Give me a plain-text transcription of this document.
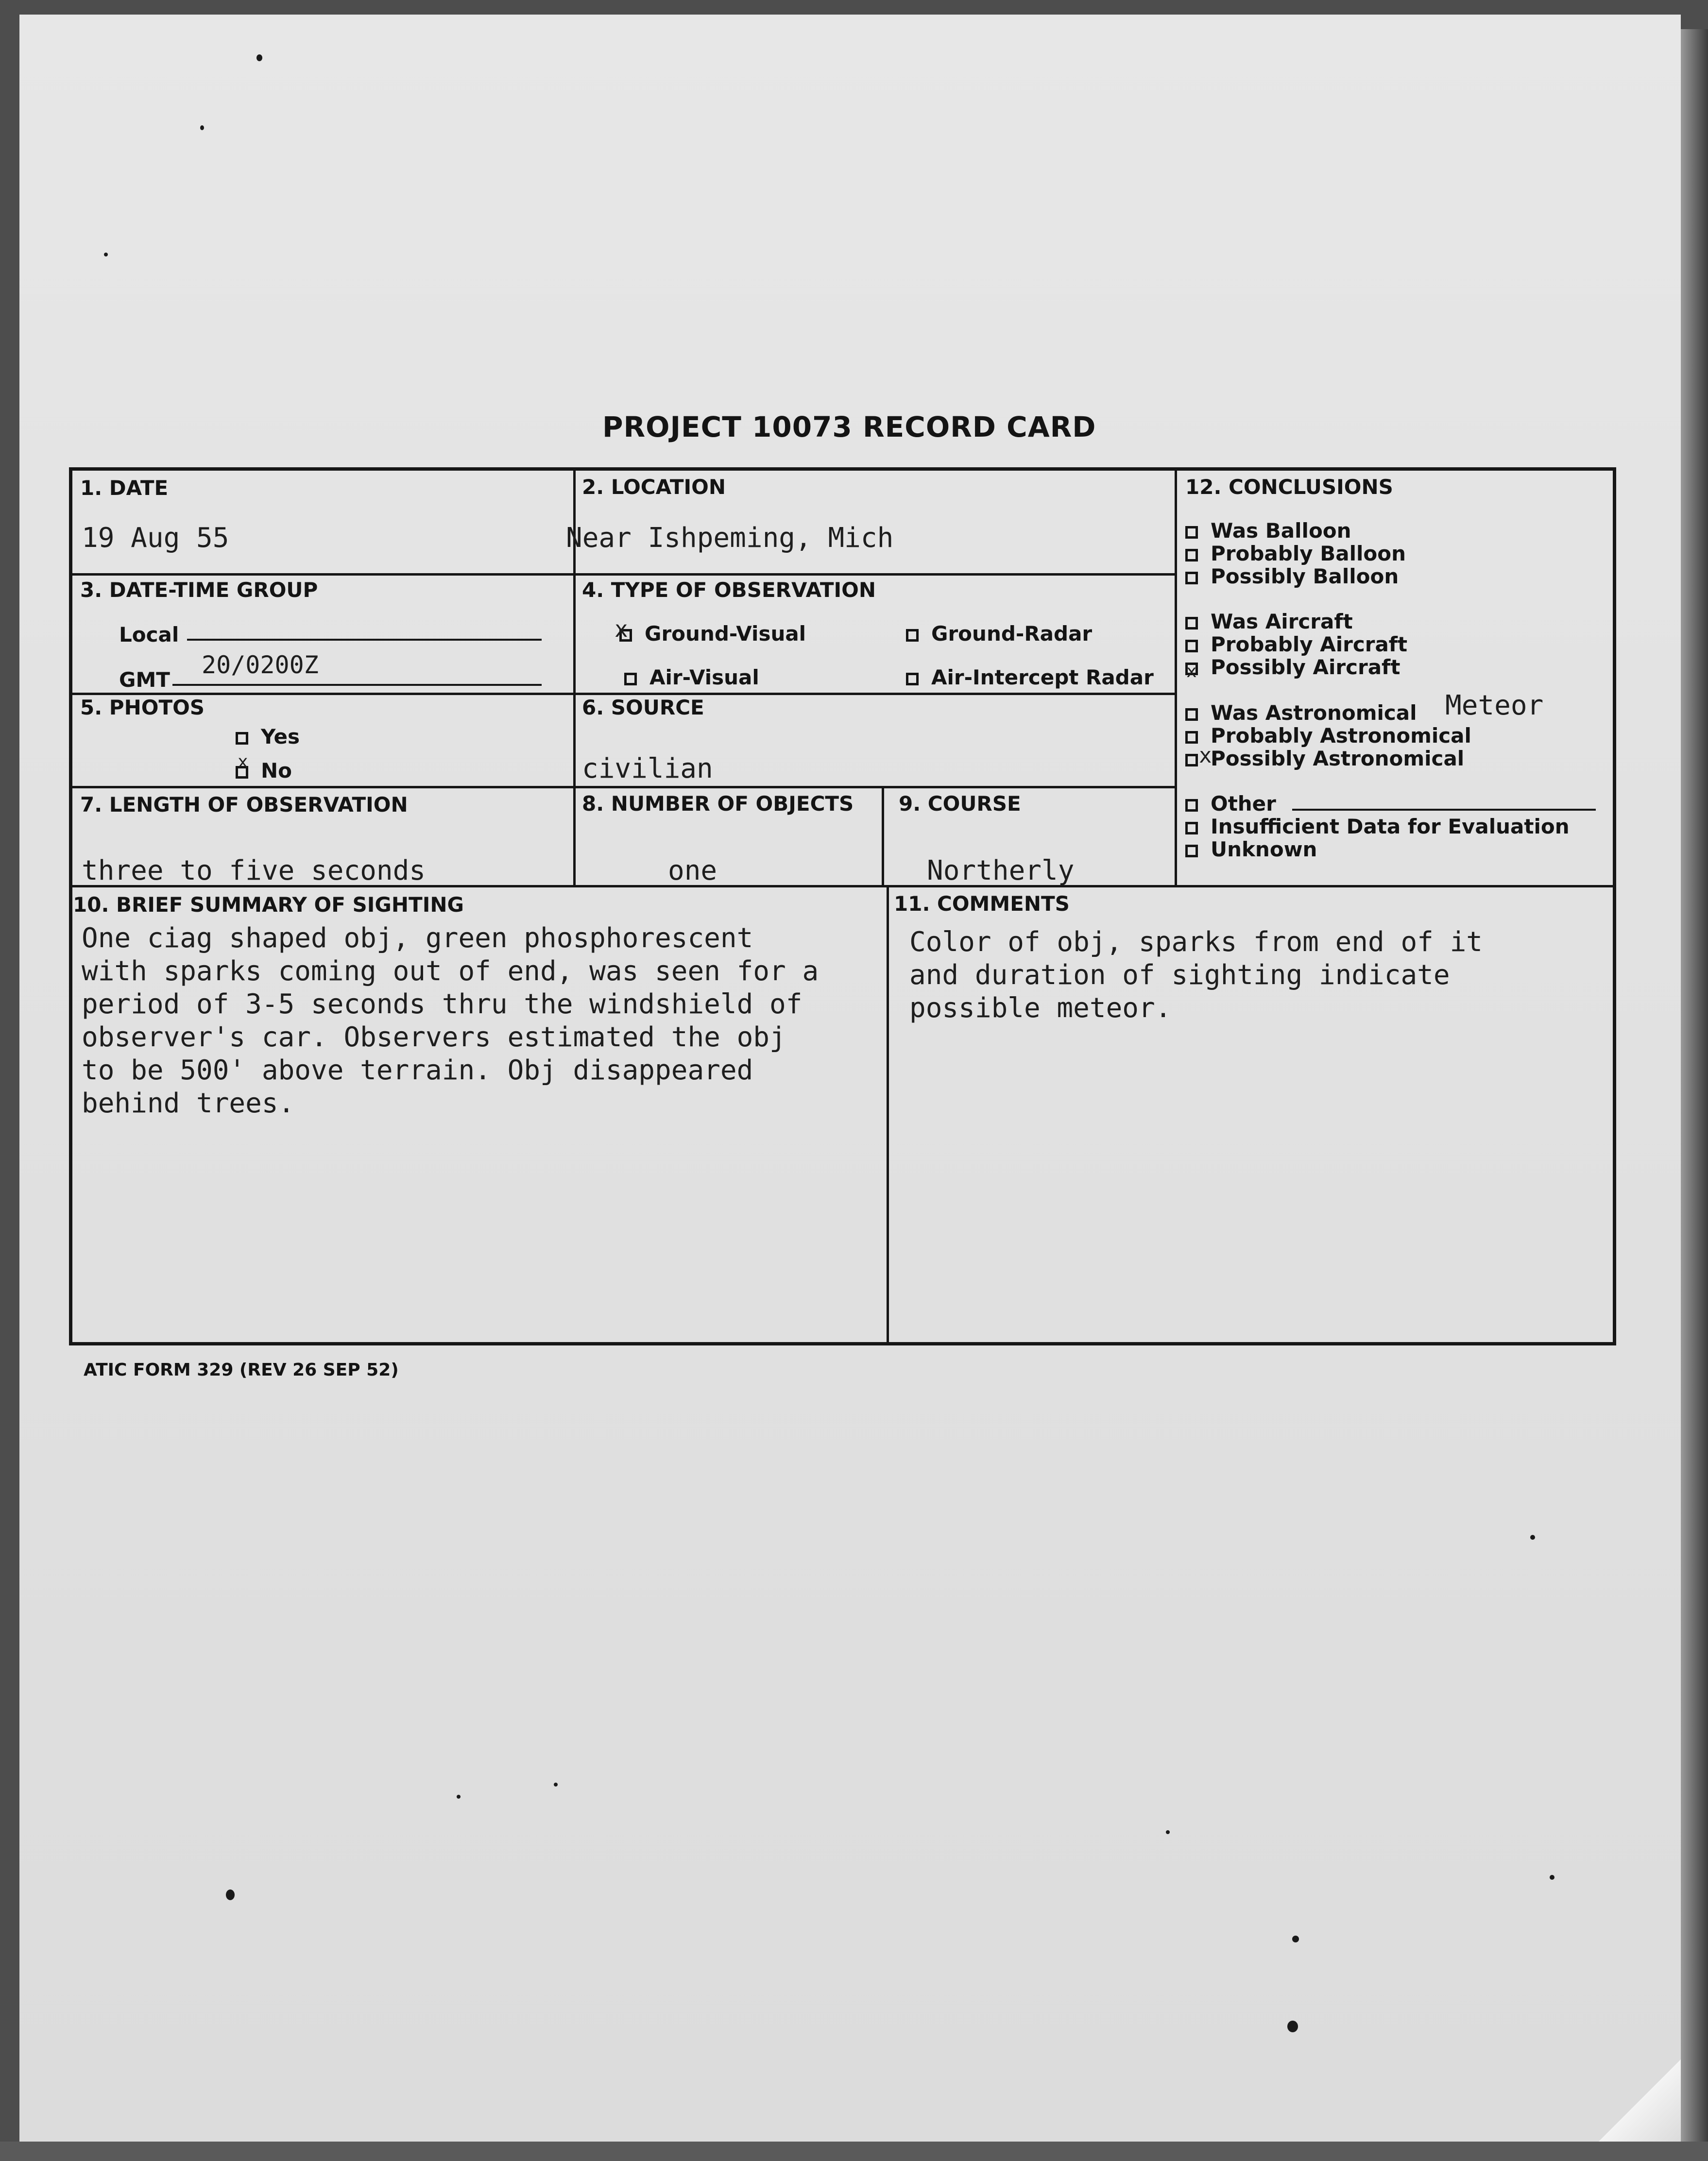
PROJECT 10073 RECORD CARD
1. DATE
19 Aug 55
2. LOCATION
Near Ishpeming, Mich
3. DATE-TIME GROUP
Local
GMT
20/0200Z
4. TYPE OF OBSERVATION
Ground-Visual
x	Ground-Radar
Air-Visual	Air-Intercept Radar
5. PHOTOS
Yes
No
x
6. SOURCE
civilian
7. LENGTH OF OBSERVATION
three to five seconds
8. NUMBER OF OBJECTS
one
9. COURSE
Northerly
12. CONCLUSIONS
Was Balloon
Probably Balloon
Possibly Balloon
Was Aircraft
Probably Aircraft
Possibly Aircraft
x
Was Astronomical Meteor
Probably Astronomical
Possibly Astronomical
x
Other
Insufficient Data for Evaluation
Unknown
10. BRIEF SUMMARY OF SIGHTING
One ciag shaped obj, green phosphorescent
with sparks coming out of end, was seen for a
period of 3-5 seconds thru the windshield of
observer's car. Observers estimated the obj
to be 500' above terrain. Obj disappeared
behind trees.
11. COMMENTS
Color of obj, sparks from end of it
and duration of sighting indicate
possible meteor.
ATIC FORM 329 (REV 26 SEP 52)
